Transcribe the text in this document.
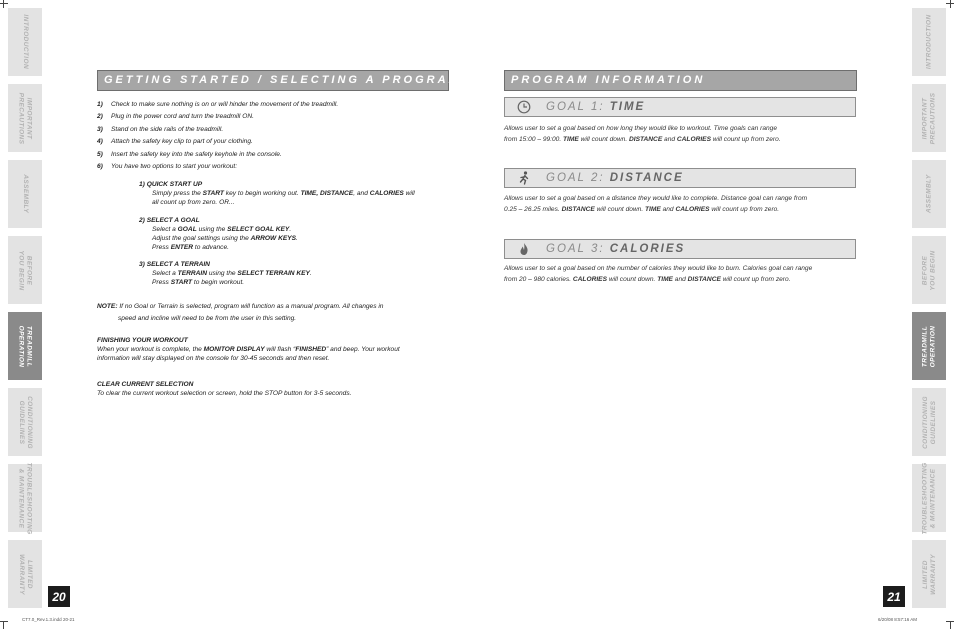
INTRODUCTION
IMPORTANT
PRECAUTIONS
ASSEMBLY
BEFORE
YOU BEGIN
TREADMILL
OPERATION
CONDITIONING
GUIDELINES
TROUBLESHOOTING
& MAINTENANCE
LIMITED
WARRANTY
INTRODUCTION
IMPORTANT
PRECAUTIONS
ASSEMBLY
BEFORE
YOU BEGIN
TREADMILL
OPERATION
CONDITIONING
GUIDELINES
TROUBLESHOOTING
& MAINTENANCE
LIMITED
WARRANTY
20	21
GETTING STARTED / SELECTING A PROGRAM
1) Check to make sure nothing is on or will hinder the movement of the treadmill.
2) Plug in the power cord and turn the treadmill ON.
3) Stand on the side rails of the treadmill.
4) Attach the safety key clip to part of your clothing.
5) Insert the safety key into the safety keyhole in the console.
6) You have two options to start your workout:
1) QUICK START UP
Simply press the START key to begin working out. TIME, DISTANCE, and CALORIES will
all count up from zero. OR...
2) SELECT A GOAL
Select a GOAL using the SELECT GOAL KEY.
Adjust the goal settings using the ARROW KEYS.
Press ENTER to advance.
3) SELECT A TERRAIN
Select a TERRAIN using the SELECT TERRAIN KEY.
Press START to begin workout.
NOTE: If no Goal or Terrain is selected, program will function as a manual program. All changes in
speed and incline will need to be from the user in this setting.
FINISHING YOUR WORKOUT
When your workout is complete, the MONITOR DISPLAY will flash “FINISHED” and beep. Your workout
information will stay displayed on the console for 30-45 seconds and then reset.
CLEAR CURRENT SELECTION
To clear the current workout selection or screen, hold the STOP button for 3-5 seconds.
PROGRAM INFORMATION
GOAL 1: TIME
Allows user to set a goal based on how long they would like to workout. Time goals can range
from 15:00 – 99:00. TIME will count down. DISTANCE and CALORIES will count up from zero.
GOAL 2: DISTANCE
Allows user to set a goal based on a distance they would like to complete. Distance goal can range from
0.25 – 26.25 miles. DISTANCE will count down. TIME and CALORIES will count up from zero.
GOAL 3: CALORIES
Allows user to set a goal based on the number of calories they would like to burn. Calories goal can range
from 20 – 980 calories. CALORIES will count down. TIME and DISTANCE will count up from zero.
CT7.0_Rev.1.3.indd 20-21	6/20/08 8:57:16 AM
